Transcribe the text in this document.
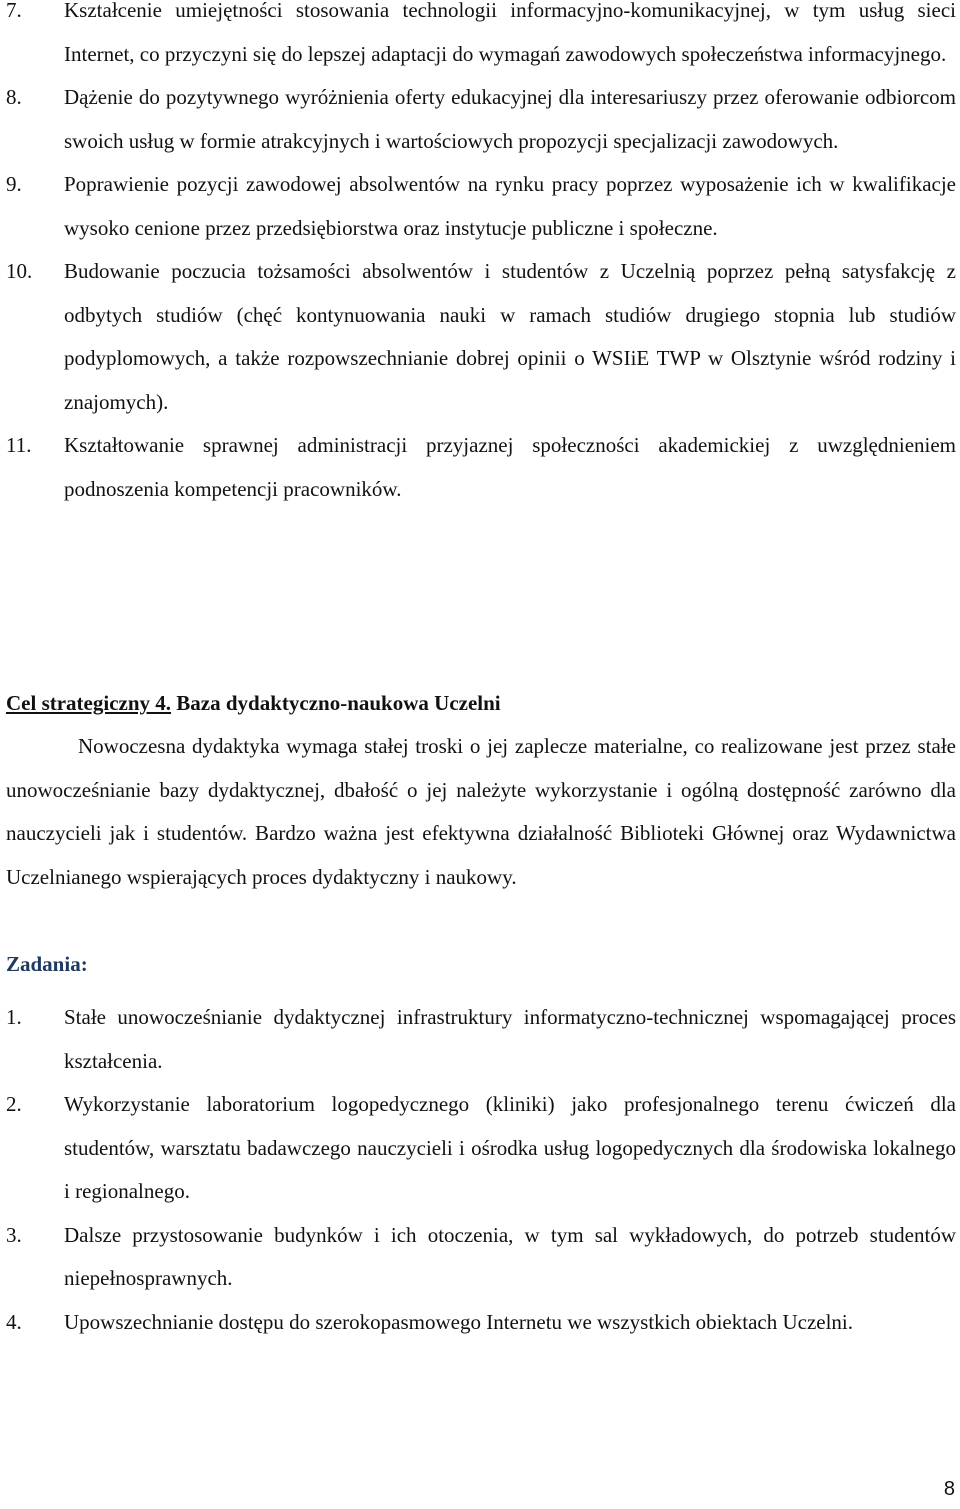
7.	Kształcenie umiejętności stosowania technologii informacyjno-komunikacyjnej, w tym usług sieci Internet, co przyczyni się do lepszej adaptacji do wymagań zawodowych społeczeństwa informacyjnego.
8.	Dążenie do pozytywnego wyróżnienia oferty edukacyjnej dla interesariuszy przez oferowanie odbiorcom swoich usług w formie atrakcyjnych i wartościowych propozycji specjalizacji zawodowych.
9.	Poprawienie pozycji zawodowej absolwentów na rynku pracy poprzez wyposażenie ich w kwalifikacje wysoko cenione przez przedsiębiorstwa oraz instytucje publiczne i społeczne.
10.	Budowanie poczucia tożsamości absolwentów i studentów z Uczelnią poprzez pełną satysfakcję z odbytych studiów (chęć kontynuowania nauki w ramach studiów drugiego stopnia lub studiów podyplomowych, a także rozpowszechnianie dobrej opinii o WSIiE TWP w Olsztynie wśród rodziny i znajomych).
11.	Kształtowanie sprawnej administracji przyjaznej społeczności akademickiej z uwzględnieniem podnoszenia kompetencji pracowników.
Cel strategiczny 4. Baza dydaktyczno-naukowa Uczelni

Nowoczesna dydaktyka wymaga stałej troski o jej zaplecze materialne, co realizowane jest przez stałe unowocześnianie bazy dydaktycznej, dbałość o jej należyte wykorzystanie i ogólną dostępność zarówno dla nauczycieli jak i studentów. Bardzo ważna jest efektywna działalność Biblioteki Głównej oraz Wydawnictwa Uczelnianego wspierających proces dydaktyczny i naukowy.

Zadania:
1.	Stałe unowocześnianie dydaktycznej infrastruktury informatyczno-technicznej wspomagającej proces kształcenia.
2.	Wykorzystanie laboratorium logopedycznego (kliniki) jako profesjonalnego terenu ćwiczeń dla studentów, warsztatu badawczego nauczycieli i ośrodka usług logopedycznych dla środowiska lokalnego i regionalnego.
3.	Dalsze przystosowanie budynków i ich otoczenia, w tym sal wykładowych, do potrzeb studentów niepełnosprawnych.
4.	Upowszechnianie dostępu do szerokopasmowego Internetu we wszystkich obiektach Uczelni.
8
